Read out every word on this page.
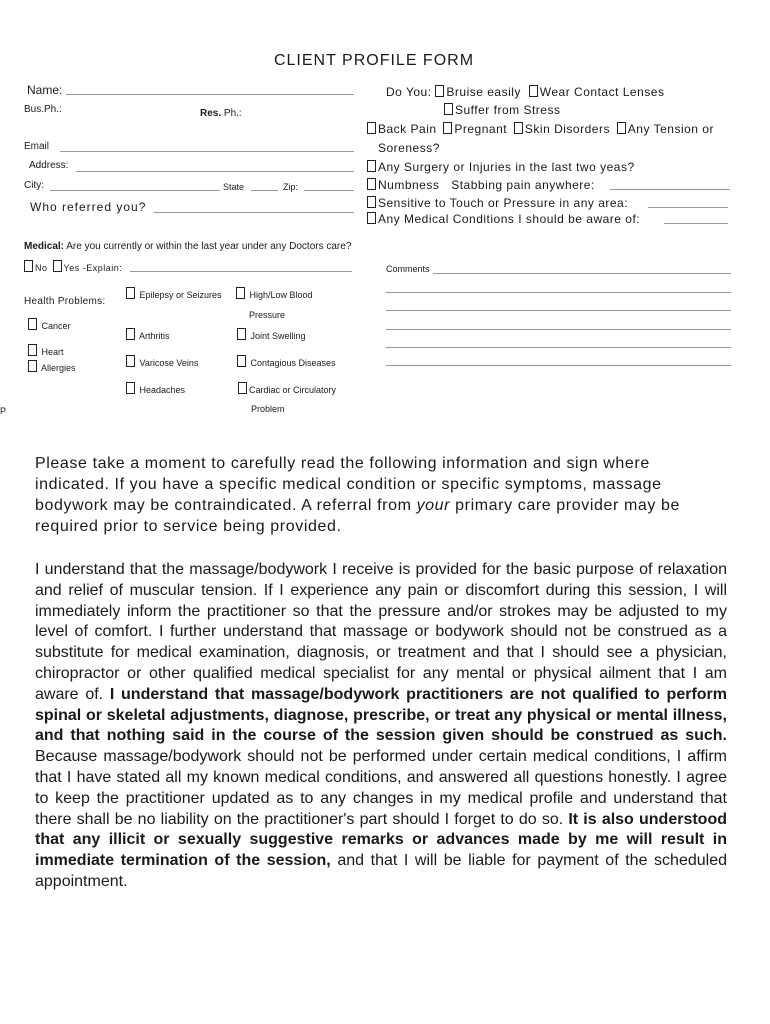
CLIENT PROFILE FORM
Name:
Bus.Ph.:	Res. Ph.:
Email
Address:
City:	State	Zip:
Who referred you?
Do You: Bruise easily Wear Contact Lenses
Suffer from Stress
Back Pain Pregnant Skin Disorders Any Tension or
Soreness?
Any Surgery or Injuries in the last two yeas?
Numbness Stabbing pain anywhere:
Sensitive to Touch or Pressure in any area:
Any Medical Conditions I should be aware of:
Medical: Are you currently or within the last year under any Doctors care?
No Yes -Explain:	Comments
Health Problems:
Cancer
Heart
Allergies
Epilepsy or Seizures
Arthritis
Varicose Veins
Headaches
High/Low Blood
Pressure
Joint Swelling
Contagious Diseases
Cardiac or Circulatory
Problem
P
Please take a moment to carefully read the following information and sign where indicated. If you have a specific medical condition or specific symptoms, massage bodywork may be contraindicated. A referral from your primary care provider may be required prior to service being provided.
I understand that the massage/bodywork I receive is provided for the basic purpose of relaxation and relief of muscular tension. If I experience any pain or discomfort during this session, I will immediately inform the practitioner so that the pressure and/or strokes may be adjusted to my level of comfort. I further understand that massage or bodywork should not be construed as a substitute for medical examination, diagnosis, or treatment and that I should see a physician, chiropractor or other qualified medical specialist for any mental or physical ailment that I am aware of. I understand that massage/bodywork practitioners are not qualified to perform spinal or skeletal adjustments, diagnose, prescribe, or treat any physical or mental illness, and that nothing said in the course of the session given should be construed as such. Because massage/bodywork should not be performed under certain medical conditions, I affirm that I have stated all my known medical conditions, and answered all questions honestly. I agree to keep the practitioner updated as to any changes in my medical profile and understand that there shall be no liability on the practitioner's part should I forget to do so. It is also understood that any illicit or sexually suggestive remarks or advances made by me will result in immediate termination of the session, and that I will be liable for payment of the scheduled appointment.
